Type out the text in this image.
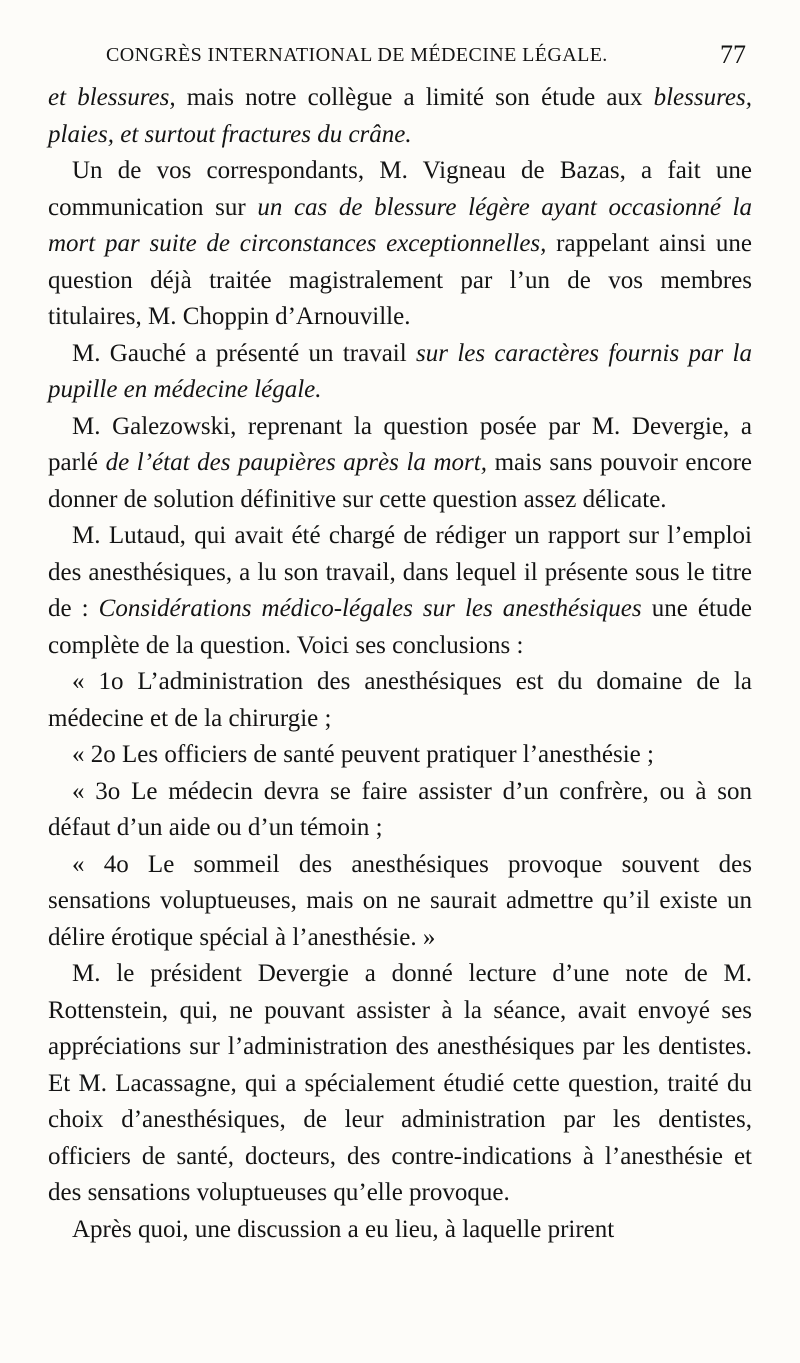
CONGRÈS INTERNATIONAL DE MÉDECINE LÉGALE.	77

et blessures, mais notre collègue a limité son étude aux blessures, plaies, et surtout fractures du crâne.

Un de vos correspondants, M. Vigneau de Bazas, a fait une communication sur un cas de blessure légère ayant occasionné la mort par suite de circonstances exceptionnelles, rappelant ainsi une question déjà traitée magistralement par l’un de vos membres titulaires, M. Choppin d’Arnouville.

M. Gauché a présenté un travail sur les caractères fournis par la pupille en médecine légale.

M. Galezowski, reprenant la question posée par M. Devergie, a parlé de l’état des paupières après la mort, mais sans pouvoir encore donner de solution définitive sur cette question assez délicate.

M. Lutaud, qui avait été chargé de rédiger un rapport sur l’emploi des anesthésiques, a lu son travail, dans lequel il présente sous le titre de : Considérations médico-légales sur les anesthésiques une étude complète de la question. Voici ses conclusions :

« 1o L’administration des anesthésiques est du domaine de la médecine et de la chirurgie ;

« 2o Les officiers de santé peuvent pratiquer l’anesthésie ;

« 3o Le médecin devra se faire assister d’un confrère, ou à son défaut d’un aide ou d’un témoin ;

« 4o Le sommeil des anesthésiques provoque souvent des sensations voluptueuses, mais on ne saurait admettre qu’il existe un délire érotique spécial à l’anesthésie. »

M. le président Devergie a donné lecture d’une note de M. Rottenstein, qui, ne pouvant assister à la séance, avait envoyé ses appréciations sur l’administration des anesthésiques par les dentistes. Et M. Lacassagne, qui a spécialement étudié cette question, traité du choix d’anesthésiques, de leur administration par les dentistes, officiers de santé, docteurs, des contre-indications à l’anesthésie et des sensations voluptueuses qu’elle provoque.

Après quoi, une discussion a eu lieu, à laquelle prirent
